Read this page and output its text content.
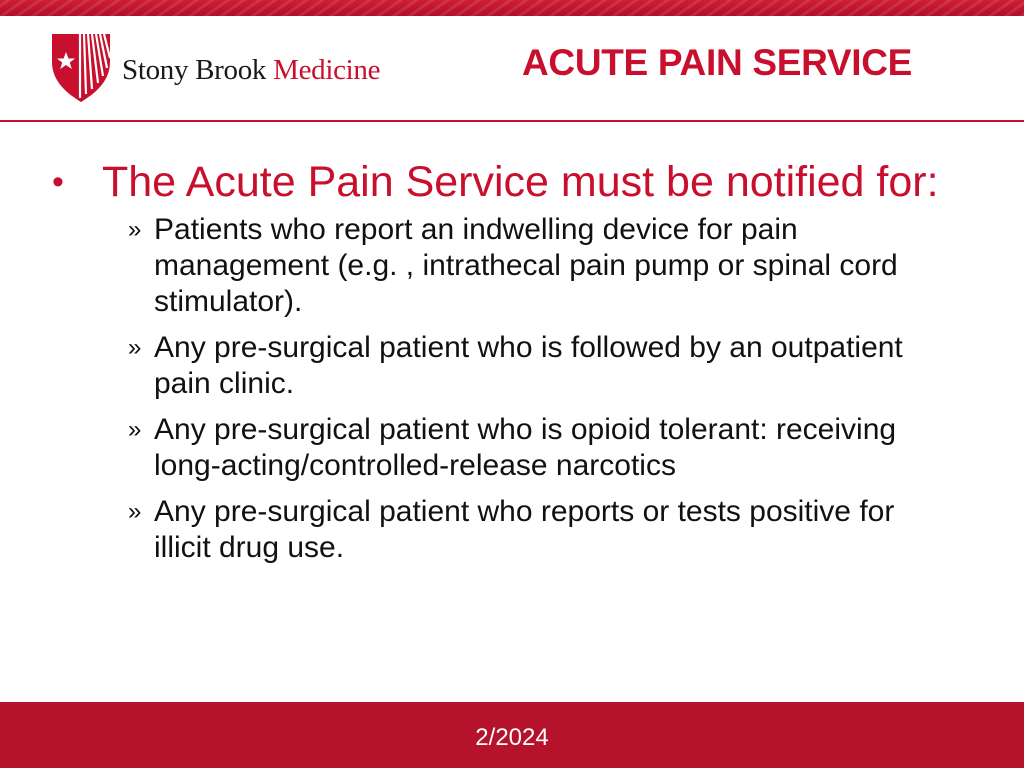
Stony Brook Medicine	ACUTE PAIN SERVICE
• The Acute Pain Service must be notified for:
» Patients who report an indwelling device for pain management (e.g. , intrathecal pain pump or spinal cord stimulator).
» Any pre-surgical patient who is followed by an outpatient pain clinic.
» Any pre-surgical patient who is opioid tolerant: receiving long-acting/controlled-release narcotics
» Any pre-surgical patient who reports or tests positive for illicit drug use.
2/2024
